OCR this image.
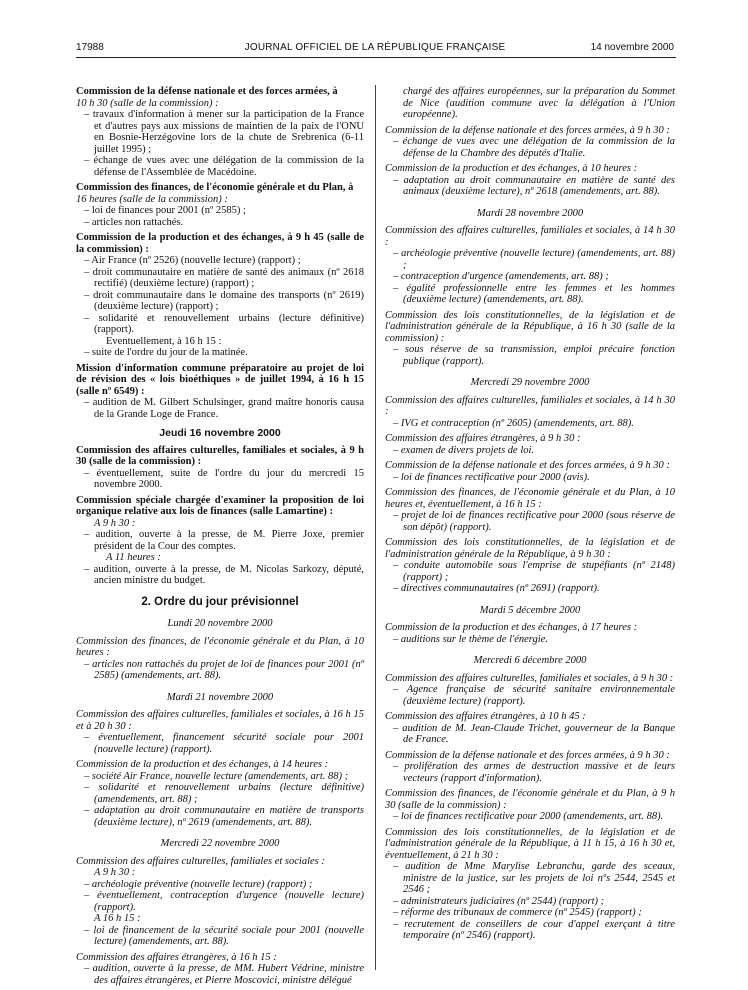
17988	JOURNAL OFFICIEL DE LA RÉPUBLIQUE FRANÇAISE	14 novembre 2000
Commission de la défense nationale et des forces armées, à
10 h 30 (salle de la commission) :
– travaux d'information à mener sur la participation de la France et d'autres pays aux missions de maintien de la paix de l'ONU en Bosnie-Herzégovine lors de la chute de Srebrenica (6-11 juillet 1995) ;
– échange de vues avec une délégation de la commission de la défense de l'Assemblée de Macédoine.
Commission des finances, de l'économie générale et du Plan, à
16 heures (salle de la commission) :
– loi de finances pour 2001 (nº 2585) ;
– articles non rattachés.
Commission de la production et des échanges, à 9 h 45 (salle de la commission) :
– Air France (nº 2526) (nouvelle lecture) (rapport) ;
– droit communautaire en matière de santé des animaux (nº 2618 rectifié) (deuxième lecture) (rapport) ;
– droit communautaire dans le domaine des transports (nº 2619) (deuxième lecture) (rapport) ;
– solidarité et renouvellement urbains (lecture définitive) (rapport).
Eventuellement, à 16 h 15 :
– suite de l'ordre du jour de la matinée.
Mission d'information commune préparatoire au projet de loi de révision des « lois bioéthiques » de juillet 1994, à 16 h 15 (salle nº 6549) :
– audition de M. Gilbert Schulsinger, grand maître honoris causa de la Grande Loge de France.
Jeudi 16 novembre 2000
Commission des affaires culturelles, familiales et sociales, à 9 h 30 (salle de la commission) :
– éventuellement, suite de l'ordre du jour du mercredi 15 novembre 2000.
Commission spéciale chargée d'examiner la proposition de loi organique relative aux lois de finances (salle Lamartine) :
A 9 h 30 :
– audition, ouverte à la presse, de M. Pierre Joxe, premier président de la Cour des comptes.
A 11 heures :
– audition, ouverte à la presse, de M. Nicolas Sarkozy, député, ancien ministre du budget.
2. Ordre du jour prévisionnel
Lundi 20 novembre 2000
Commission des finances, de l'économie générale et du Plan, à 10 heures :
– articles non rattachés du projet de loi de finances pour 2001 (nº 2585) (amendements, art. 88).
Mardi 21 novembre 2000
Commission des affaires culturelles, familiales et sociales, à 16 h 15 et à 20 h 30 :
– éventuellement, financement sécurité sociale pour 2001 (nouvelle lecture) (rapport).
Commission de la production et des échanges, à 14 heures :
– société Air France, nouvelle lecture (amendements, art. 88) ;
– solidarité et renouvellement urbains (lecture définitive) (amendements, art. 88) ;
– adaptation au droit communautaire en matière de transports (deuxième lecture), nº 2619 (amendements, art. 88).
Mercredi 22 novembre 2000
Commission des affaires culturelles, familiales et sociales :
A 9 h 30 :
– archéologie préventive (nouvelle lecture) (rapport) ;
– éventuellement, contraception d'urgence (nouvelle lecture) (rapport).
A 16 h 15 :
– loi de financement de la sécurité sociale pour 2001 (nouvelle lecture) (amendements, art. 88).
Commission des affaires étrangères, à 16 h 15 :
– audition, ouverte à la presse, de MM. Hubert Védrine, ministre des affaires étrangères, et Pierre Moscovici, ministre délégué
chargé des affaires européennes, sur la préparation du Sommet de Nice (audition commune avec la délégation à l'Union européenne).
Commission de la défense nationale et des forces armées, à 9 h 30 :
– échange de vues avec une délégation de la commission de la défense de la Chambre des députés d'Italie.
Commission de la production et des échanges, à 10 heures :
– adaptation au droit communautaire en matière de santé des animaux (deuxième lecture), nº 2618 (amendements, art. 88).
Mardi 28 novembre 2000
Commission des affaires culturelles, familiales et sociales, à 14 h 30 :
– archéologie préventive (nouvelle lecture) (amendements, art. 88) ;
– contraception d'urgence (amendements, art. 88) ;
– égalité professionnelle entre les femmes et les hommes (deuxième lecture) (amendements, art. 88).
Commission des lois constitutionnelles, de la législation et de l'administration générale de la République, à 16 h 30 (salle de la commission) :
– sous réserve de sa transmission, emploi précaire fonction publique (rapport).
Mercredi 29 novembre 2000
Commission des affaires culturelles, familiales et sociales, à 14 h 30 :
– IVG et contraception (nº 2605) (amendements, art. 88).
Commission des affaires étrangères, à 9 h 30 :
– examen de divers projets de loi.
Commission de la défense nationale et des forces armées, à 9 h 30 :
– loi de finances rectificative pour 2000 (avis).
Commission des finances, de l'économie générale et du Plan, à 10 heures et, éventuellement, à 16 h 15 :
– projet de loi de finances rectificative pour 2000 (sous réserve de son dépôt) (rapport).
Commission des lois constitutionnelles, de la législation et de l'administration générale de la République, à 9 h 30 :
– conduite automobile sous l'emprise de stupéfiants (nº 2148) (rapport) ;
– directives communautaires (nº 2691) (rapport).
Mardi 5 décembre 2000
Commission de la production et des échanges, à 17 heures :
– auditions sur le thème de l'énergie.
Mercredi 6 décembre 2000
Commission des affaires culturelles, familiales et sociales, à 9 h 30 :
– Agence française de sécurité sanitaire environnementale (deuxième lecture) (rapport).
Commission des affaires étrangères, à 10 h 45 :
– audition de M. Jean-Claude Trichet, gouverneur de la Banque de France.
Commission de la défense nationale et des forces armées, à 9 h 30 :
– prolifération des armes de destruction massive et de leurs vecteurs (rapport d'information).
Commission des finances, de l'économie générale et du Plan, à 9 h 30 (salle de la commission) :
– loi de finances rectificative pour 2000 (amendements, art. 88).
Commission des lois constitutionnelles, de la législation et de l'administration générale de la République, à 11 h 15, à 16 h 30 et, éventuellement, à 21 h 30 :
– audition de Mme Marylise Lebranchu, garde des sceaux, ministre de la justice, sur les projets de loi nºs 2544, 2545 et 2546 ;
– administrateurs judiciaires (nº 2544) (rapport) ;
– réforme des tribunaux de commerce (nº 2545) (rapport) ;
– recrutement de conseillers de cour d'appel exerçant à titre temporaire (nº 2546) (rapport).
